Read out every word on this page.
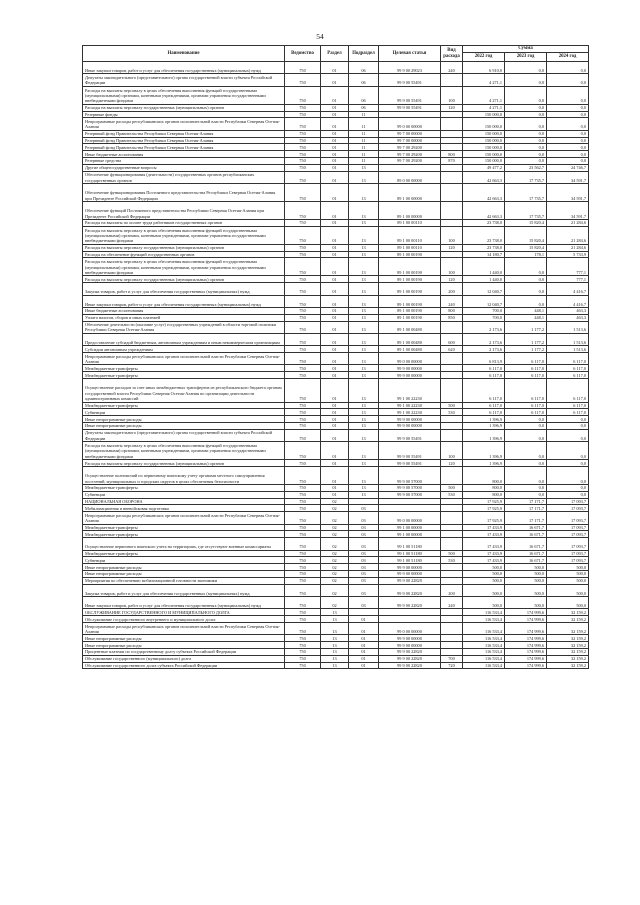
54
Наименование	Ведомство	Раздел	Подраздел	Целевая статья	Вид расхода	Сумма		
						2022 год	2023 год	2024 год
Иные закупки товаров, работ и услуг для обеспечения государственных (муниципальных) нужд	750	01	06	99 9 00 29023	240	6 910,0	0,0	0,0
Депутаты законодательного (представительного) органа государственной власти субъекта Российской Федерации	750	01	06	99 9 00 55491		4 271,1	0,0	0,0
Расходы на выплаты персоналу в целях обеспечения выполнения функций государственными (муниципальными) органами, казенными учреждениями, органами управления государственными внебюджетными фондами	750	01	06	99 9 00 55491	100	4 271,1	0,0	0,0
Расходы на выплаты персоналу государственных (муниципальных) органов	750	01	06	99 9 00 55491	120	4 271,1	0,0	0,0
Резервные фонды	750	01	11			150 000,0	0,0	0,0
Непрограммные расходы республиканских органов исполнительной власти Республики Северная Осетия-Алания	750	01	11	99 0 00 00000		150 000,0	0,0	0,0
Резервный фонд Правительства Республики Северная Осетия-Алания	750	01	11	99 7 00 00000		150 000,0	0,0	0,0
Резервный фонд Правительства Республики Северная Осетия-Алания	750	01	11	99 7 00 00000		150 000,0	0,0	0,0
Резервный фонд Правительства Республики Северная Осетия-Алания	750	01	11	99 7 00 29200		150 000,0	0,0	0,0
Иные бюджетные ассигнования	750	01	11	99 7 00 29200	800	150 000,0	0,0	0,0
Резервные средства	750	01	11	99 7 00 29200	870	150 000,0	0,0	0,0
Другие общегосударственные вопросы	750	01	13			49 477,2	23 562,7	24 746,7
Обеспечение функционирования (деятельности) государственных органов республиканских государственных органов	750	01	13	89 0 00 00000		42 663,3	17 735,7	34 591,7
Обеспечение функционирования Постоянного представительства Республики Северная Осетия-Алания при Президенте Российской Федерации	750	01	13	89 1 00 00000		42 663,3	17 735,7	34 591,7
Обеспечение функций Постоянного представительства Республики Северная Осетия-Алания при Президенте Российской Федерации	750	01	13	89 1 00 00000		42 663,3	17 735,7	34 591,7
Расходы на выплаты по оплате труда работников государственных органов	750	01	13	89 1 00 00110		23 738,0	15 820,4	21 284,6
Расходы на выплаты персоналу в целях обеспечения выполнения функций государственными (муниципальными) органами, казенными учреждениями, органами управления государственными внебюджетными фондами	750	01	13	89 1 00 00110	100	23 738,0	15 820,4	21 284,6
Расходы на выплаты персоналу государственных (муниципальных) органов	750	01	13	89 1 00 00110	120	23 738,0	15 820,4	21 284,6
Расходы на обеспечение функций государственных органов	750	01	13	89 1 00 00190		14 180,7	178,1	5 733,9
Расходы на выплаты персоналу в целях обеспечения выполнения функций государственными (муниципальными) органами, казенными учреждениями, органами управления государственными внебюджетными фондами	750	01	13	89 1 00 00190	100	1 440,0	0,0	777,1
Расходы на выплаты персоналу государственных (муниципальных) органов	750	01	13	89 1 00 00190	120	1 440,0	0,0	777,1
Закупка товаров, работ и услуг для обеспечения государственных (муниципальных) нужд	750	01	13	89 1 00 00190	200	12 040,7	0,0	4 416,7
Иные закупки товаров, работ и услуг для обеспечения государственных (муниципальных) нужд	750	01	13	89 1 00 00190	240	12 040,7	0,0	4 416,7
Иные бюджетные ассигнования	750	01	13	89 1 00 00190	800	700,0	448,1	463,3
Уплата налогов, сборов и иных платежей	750	01	13	89 1 00 00190	850	700,0	448,1	463,3
Обеспечение деятельности (оказание услуг) государственных учреждений в области торговой политики Республики Северная Осетия-Алания	750	01	13	89 1 00 00480		2 173,6	1 177,2	1 513,6
Предоставление субсидий бюджетным, автономным учреждениям и иным некоммерческим организациям	750	01	13	89 1 00 00480	600	2 173,6	1 177,2	1 513,6
Субсидии автономным учреждениям	750	01	13	89 1 00 00480	620	2 173,6	1 177,2	1 513,6
Непрограммные расходы республиканских органов исполнительной власти Республики Северная Осетия-Алания	750	01	13	99 0 00 00000		6 813,9	6 117,0	6 117,0
Межбюджетные трансферты	750	01	13	99 9 00 00000		6 117,0	6 117,0	6 117,0
Межбюджетные трансферты	750	01	13	99 9 00 00000		6 117,0	6 117,0	6 117,0
Осуществление расходов за счет иных межбюджетных трансфертов из республиканского бюджета органам государственной власти Республики Северная Осетия-Алания по организации деятельности административных комиссий	750	01	13	99 1 00 22230		6 117,0	6 117,0	6 117,0
Межбюджетные трансферты	750	01	13	99 1 00 22230	500	6 117,0	6 117,0	6 117,0
Субвенции	750	01	13	99 1 00 22230	530	6 117,0	6 117,0	6 117,0
Иные непрограммные расходы	750	01	13	99 9 00 00000		1 396,9	0,0	0,0
Иные непрограммные расходы	750	01	13	99 9 00 00000		1 396,9	0,0	0,0
Депутаты законодательного (представительного) органа государственной власти субъекта Российской Федерации	750	01	13	99 9 00 55491		1 396,9	0,0	0,0
Расходы на выплаты персоналу в целях обеспечения выполнения функций государственными (муниципальными) органами, казенными учреждениями, органами управления государственными внебюджетными фондами	750	01	13	99 9 00 55491	100	1 396,9	0,0	0,0
Расходы на выплаты персоналу государственных (муниципальных) органов	750	01	13	99 9 00 55491	120	1 396,9	0,0	0,0
Осуществление полномочий по первичному воинскому учету органами местного самоуправления поселений, муниципальных и городских округов в целях обеспечения безопасности	750	01	13	99 9 00 57000		800,0	0,0	0,0
Межбюджетные трансферты	750	01	13	99 9 00 57000	500	800,0	0,0	0,0
Субвенции	750	01	13	99 9 00 57000	530	800,0	0,0	0,0
НАЦИОНАЛЬНАЯ ОБОРОНА	750	02				17 925,9	17 171,7	17 093,7
Мобилизационная и вневойсковая подготовка	750	02	03			17 925,9	17 171,7	17 093,7
Непрограммные расходы республиканских органов исполнительной власти Республики Северная Осетия-Алания	750	02	03	99 0 00 00000		17 925,9	17 171,7	17 093,7
Межбюджетные трансферты	750	02	03	99 1 00 00000		17 433,9	16 671,7	17 093,7
Межбюджетные трансферты	750	02	03	99 1 00 00000		17 433,9	16 671,7	17 093,7
Осуществление первичного воинского учета на территориях, где отсутствуют военные комиссариаты	750	02	03	99 1 00 51180		17 433,9	16 671,7	17 093,7
Межбюджетные трансферты	750	02	03	99 1 00 51180	500	17 433,9	16 671,7	17 093,7
Субвенции	750	02	03	99 1 00 51180	530	17 433,9	16 671,7	17 093,7
Иные непрограммные расходы	750	02	03	99 9 00 00000		500,0	500,0	500,0
Иные непрограммные расходы	750	02	03	99 9 00 00000		500,0	500,0	500,0
Мероприятия по обеспечению мобилизационной готовности экономики	750	02	03	99 9 00 22820		500,0	500,0	500,0
Закупка товаров, работ и услуг для обеспечения государственных (муниципальных) нужд	750	02	03	99 9 00 22820	200	500,0	500,0	500,0
Иные закупки товаров, работ и услуг для обеспечения государственных (муниципальных) нужд	750	02	03	99 9 00 22820	240	500,0	500,0	500,0
ОБСЛУЖИВАНИЕ ГОСУДАРСТВЕННОГО И МУНИЦИПАЛЬНОГО ДОЛГА	750	13				116 533,4	174 999,6	32 159,2
Обслуживание государственного внутреннего и муниципального долга	750	13	01			116 533,4	174 999,6	32 159,2
Непрограммные расходы республиканских органов исполнительной власти Республики Северная Осетия-Алания	750	13	01	99 0 00 00000		116 533,4	174 999,6	32 159,2
Иные непрограммные расходы	750	13	01	99 9 00 00000		116 533,4	174 999,6	32 159,2
Иные непрограммные расходы	750	13	01	99 9 00 00000		116 533,4	174 999,6	32 159,2
Процентные платежи по государственному долгу субъекта Российской Федерации	750	13	01	99 9 00 22820		116 533,4	174 999,6	32 159,2
Обслуживание государственного (муниципального) долга	750	13	01	99 9 00 22820	700	116 533,4	174 999,6	32 159,2
Обслуживание государственного долга субъекта Российской Федерации	750	13	01	99 9 00 22820	720	116 533,4	174 999,6	32 159,2
